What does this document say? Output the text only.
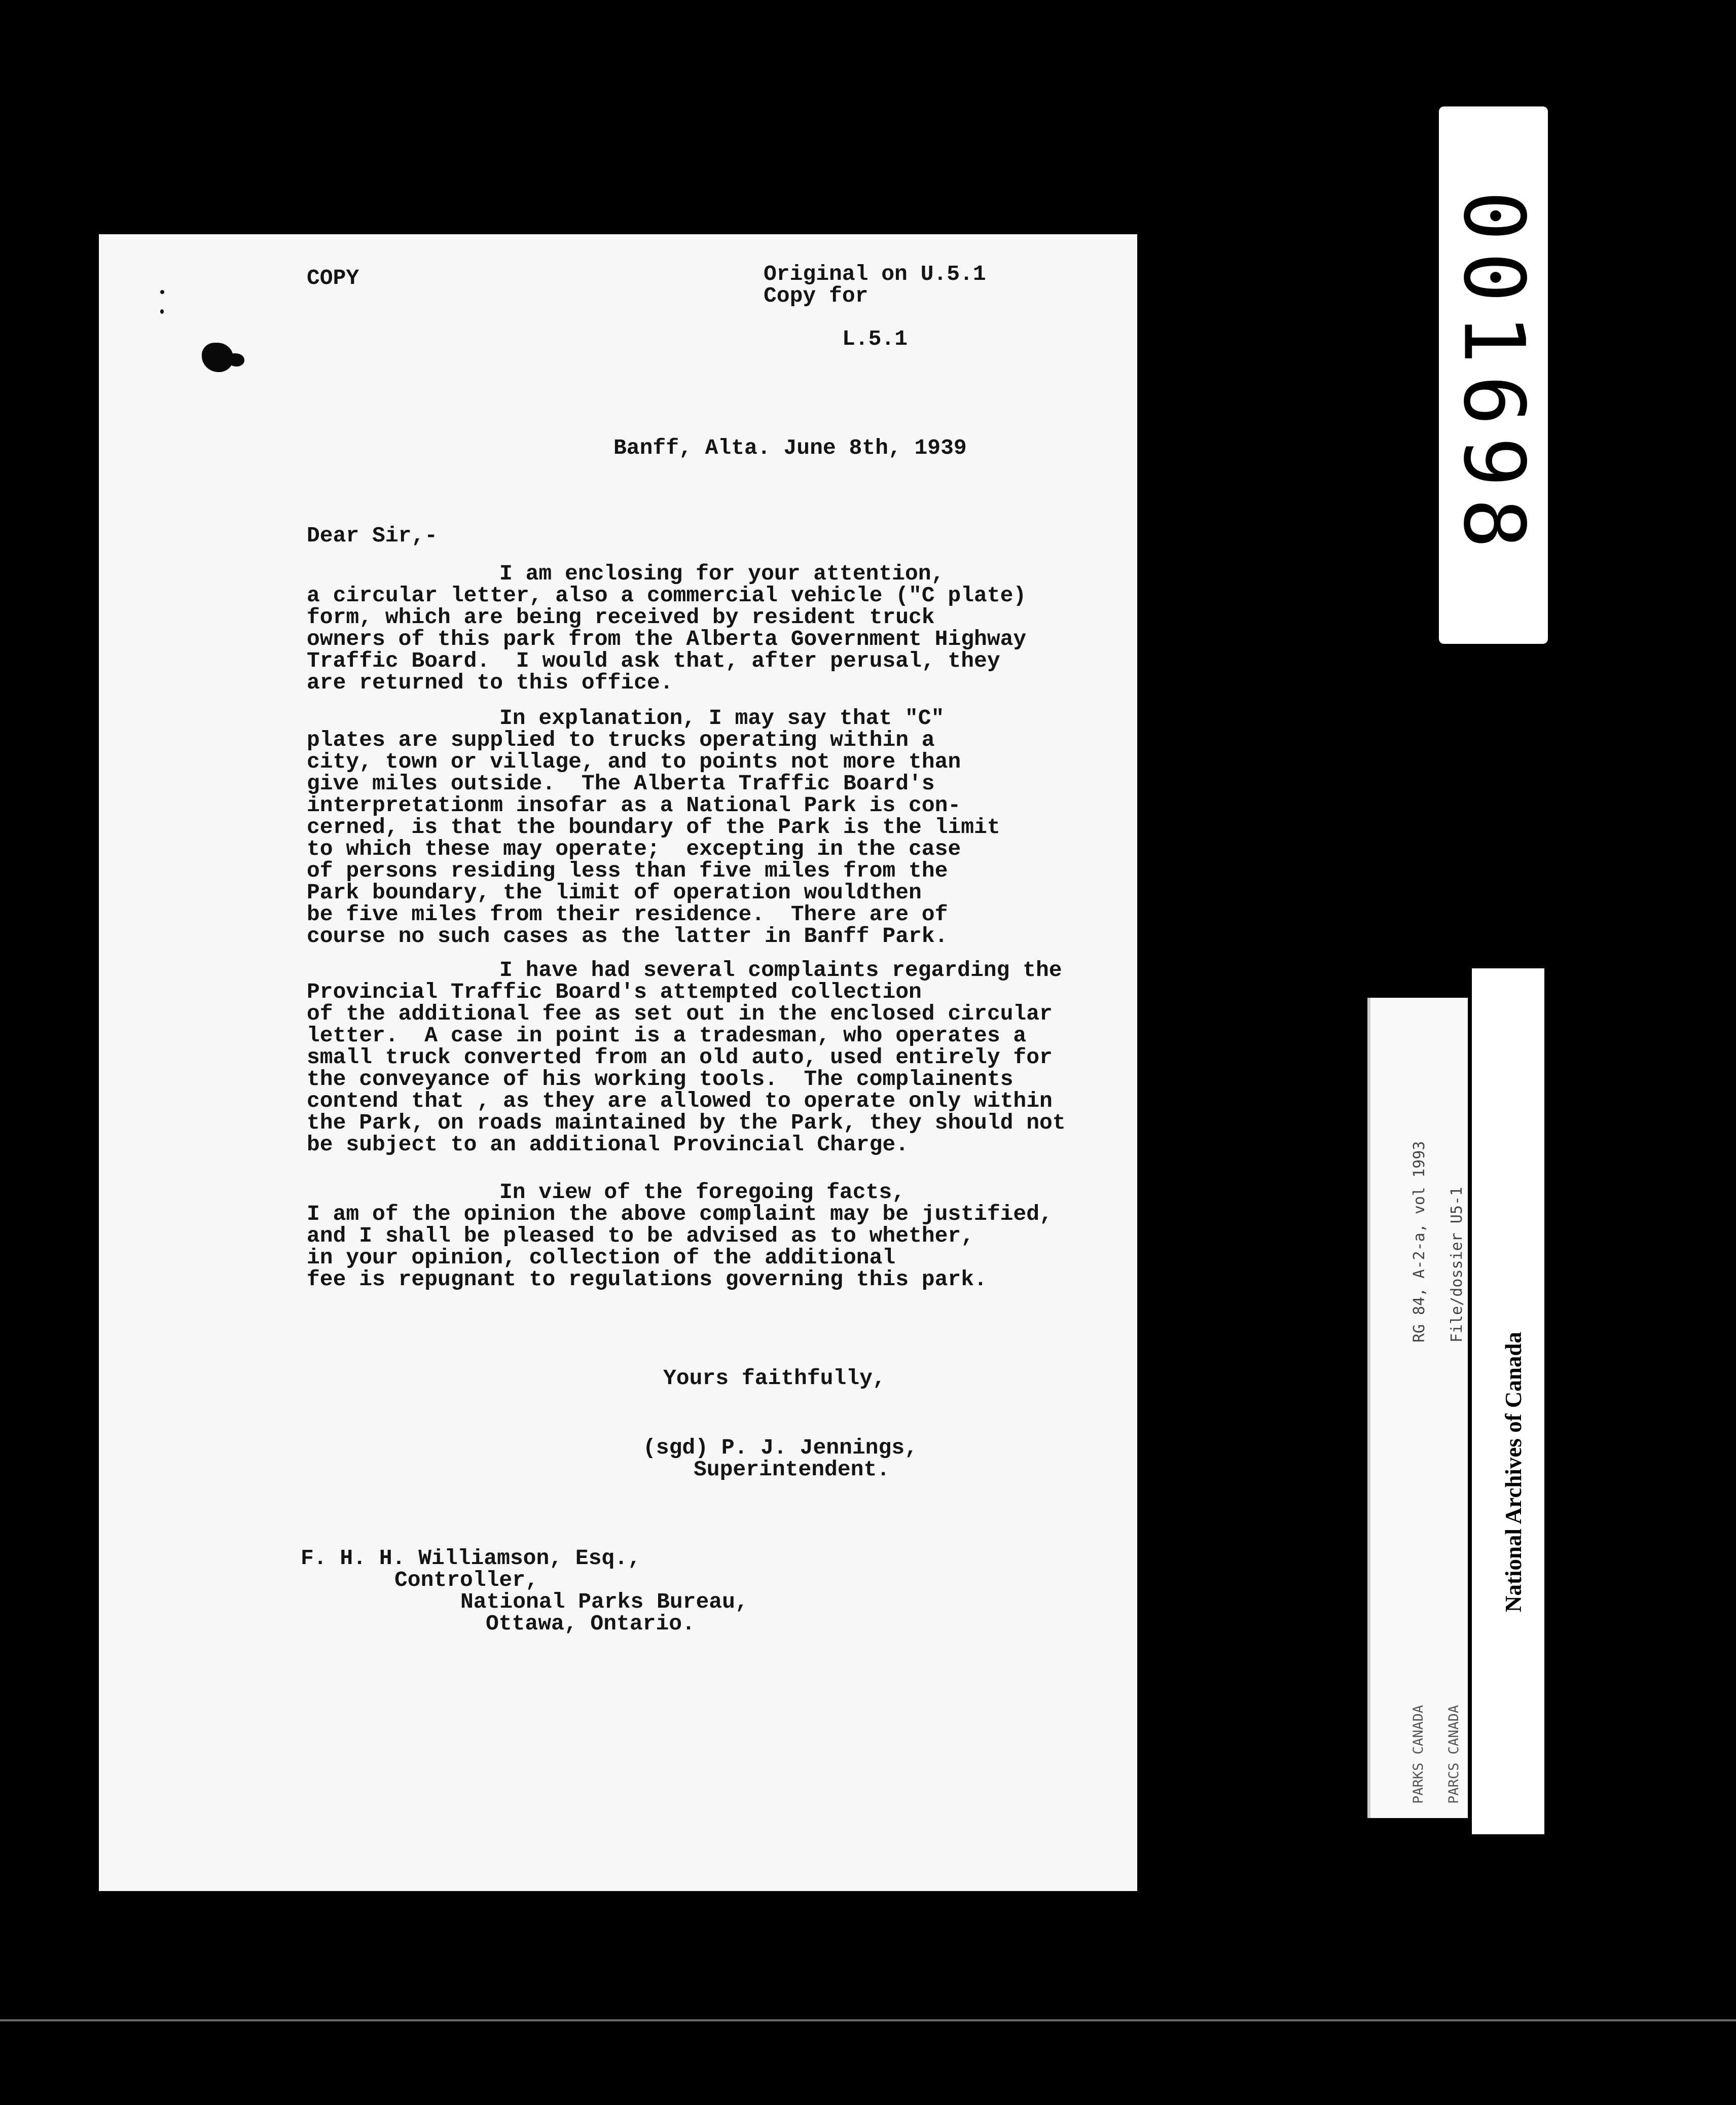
COPY	Original on U.5.1

Copy for

L.5.1

Banff, Alta. June 8th, 1939

Dear Sir,-

I am enclosing for your attention,

a circular letter, also a commercial vehicle ("C plate)

form, which are being received by resident truck

owners of this park from the Alberta Government Highway

Traffic Board.  I would ask that, after perusal, they

are returned to this office.

In explanation, I may say that "C"

plates are supplied to trucks operating within a

city, town or village, and to points not more than

give miles outside.  The Alberta Traffic Board's

interpretationm insofar as a National Park is con-

cerned, is that the boundary of the Park is the limit

to which these may operate;  excepting in the case

of persons residing less than five miles from the

Park boundary, the limit of operation wouldthen

be five miles from their residence.  There are of

course no such cases as the latter in Banff Park.

I have had several complaints regarding the

Provincial Traffic Board's attempted collection

of the additional fee as set out in the enclosed circular

letter.  A case in point is a tradesman, who operates a

small truck converted from an old auto, used entirely for

the conveyance of his working tools.  The complainents

contend that , as they are allowed to operate only within

the Park, on roads maintained by the Park, they should not

be subject to an additional Provincial Charge.

In view of the foregoing facts,

I am of the opinion the above complaint may be justified,

and I shall be pleased to be advised as to whether,

in your opinion, collection of the additional

fee is repugnant to regulations governing this park.

Yours faithfully,

(sgd) P. J. Jennings,

Superintendent.

F. H. H. Williamson, Esq.,

Controller,

National Parks Bureau,

Ottawa, Ontario.

001698

RG 84, A-2-a, vol 1993

File/dossier U5-1

PARKS CANADA

PARCS CANADA

National Archives of Canada

Archives nationales du Canada
